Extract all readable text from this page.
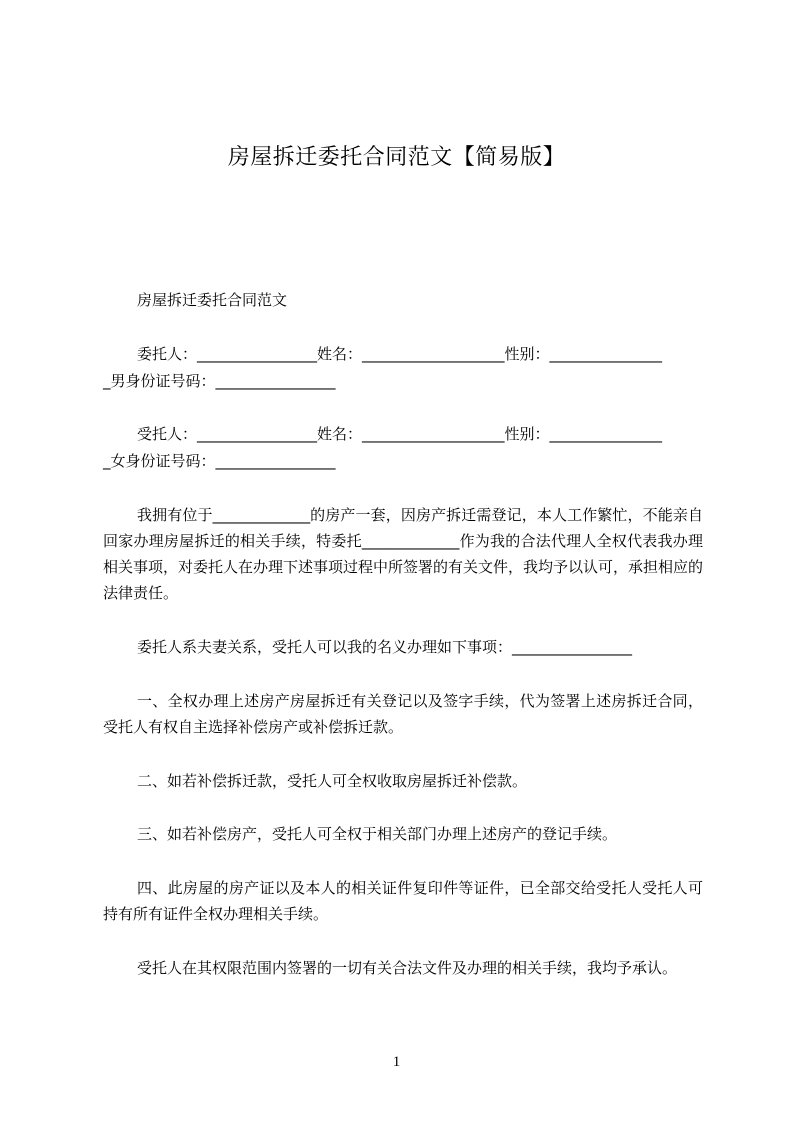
房屋拆迁委托合同范文【简易版】
房屋拆迁委托合同范文
委托人：________________姓名：___________________性别：_______________
_男身份证号码：________________
受托人：________________姓名：___________________性别：_______________
_女身份证号码：________________
我拥有位于_____________的房产一套，因房产拆迁需登记，本人工作繁忙，不能亲自回家办理房屋拆迁的相关手续，特委托_____________作为我的合法代理人全权代表我办理相关事项，对委托人在办理下述事项过程中所签署的有关文件，我均予以认可，承担相应的法律责任。
委托人系夫妻关系，受托人可以我的名义办理如下事项：________________
一、全权办理上述房产房屋拆迁有关登记以及签字手续，代为签署上述房拆迁合同，受托人有权自主选择补偿房产或补偿拆迁款。
二、如若补偿拆迁款，受托人可全权收取房屋拆迁补偿款。
三、如若补偿房产，受托人可全权于相关部门办理上述房产的登记手续。
四、此房屋的房产证以及本人的相关证件复印件等证件，已全部交给受托人受托人可持有所有证件全权办理相关手续。
受托人在其权限范围内签署的一切有关合法文件及办理的相关手续，我均予承认。
1
